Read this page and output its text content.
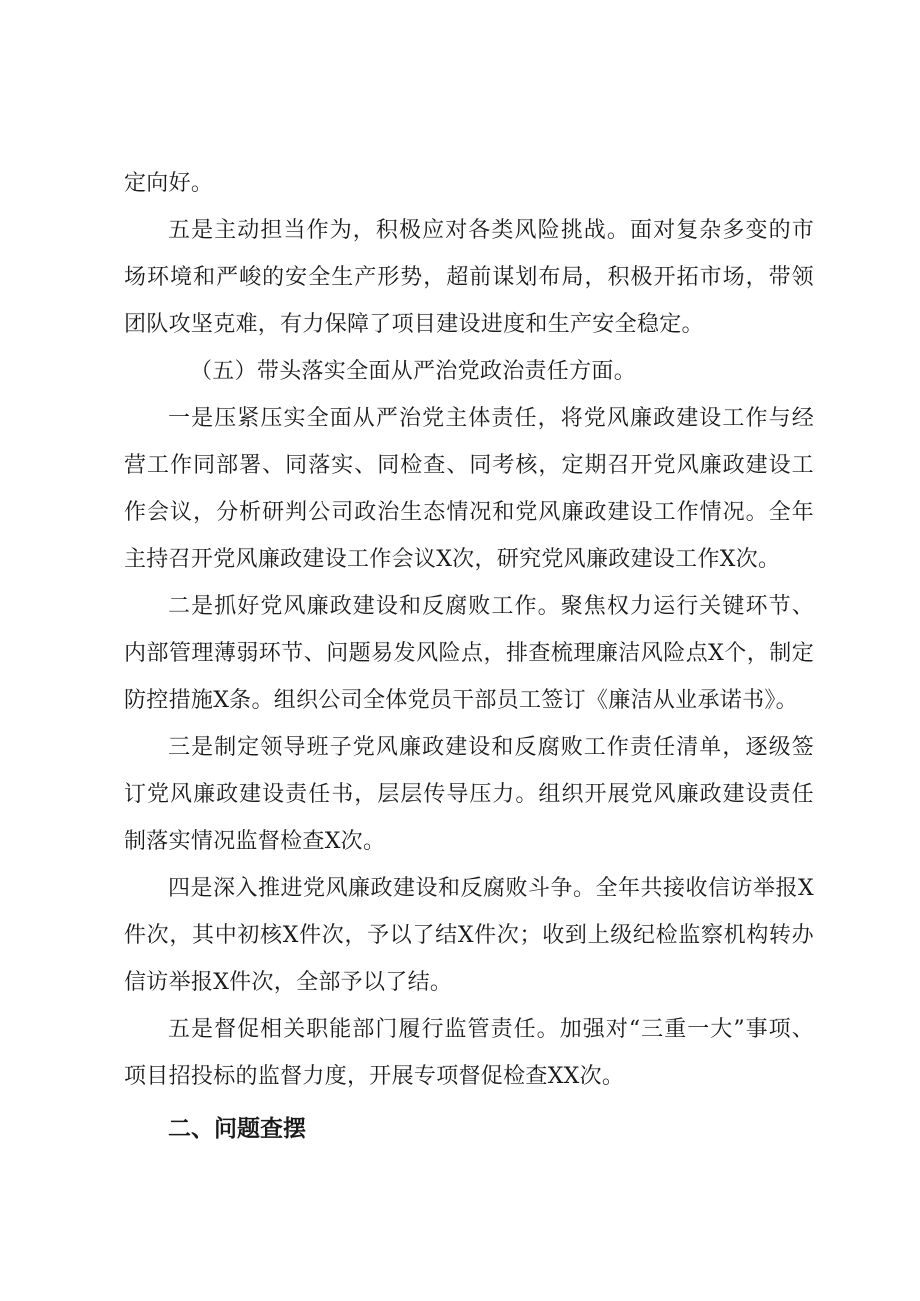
定向好。

五是主动担当作为，积极应对各类风险挑战。面对复杂多变的市场环境和严峻的安全生产形势，超前谋划布局，积极开拓市场，带领团队攻坚克难，有力保障了项目建设进度和生产安全稳定。

（五）带头落实全面从严治党政治责任方面。

一是压紧压实全面从严治党主体责任，将党风廉政建设工作与经营工作同部署、同落实、同检查、同考核，定期召开党风廉政建设工作会议，分析研判公司政治生态情况和党风廉政建设工作情况。全年主持召开党风廉政建设工作会议X次，研究党风廉政建设工作X次。

二是抓好党风廉政建设和反腐败工作。聚焦权力运行关键环节、内部管理薄弱环节、问题易发风险点，排查梳理廉洁风险点X个，制定防控措施X条。组织公司全体党员干部员工签订《廉洁从业承诺书》。

三是制定领导班子党风廉政建设和反腐败工作责任清单，逐级签订党风廉政建设责任书，层层传导压力。组织开展党风廉政建设责任制落实情况监督检查X次。

四是深入推进党风廉政建设和反腐败斗争。全年共接收信访举报X件次，其中初核X件次，予以了结X件次；收到上级纪检监察机构转办信访举报X件次，全部予以了结。

五是督促相关职能部门履行监管责任。加强对“三重一大”事项、项目招投标的监督力度，开展专项督促检查XX次。

二、问题查摆
